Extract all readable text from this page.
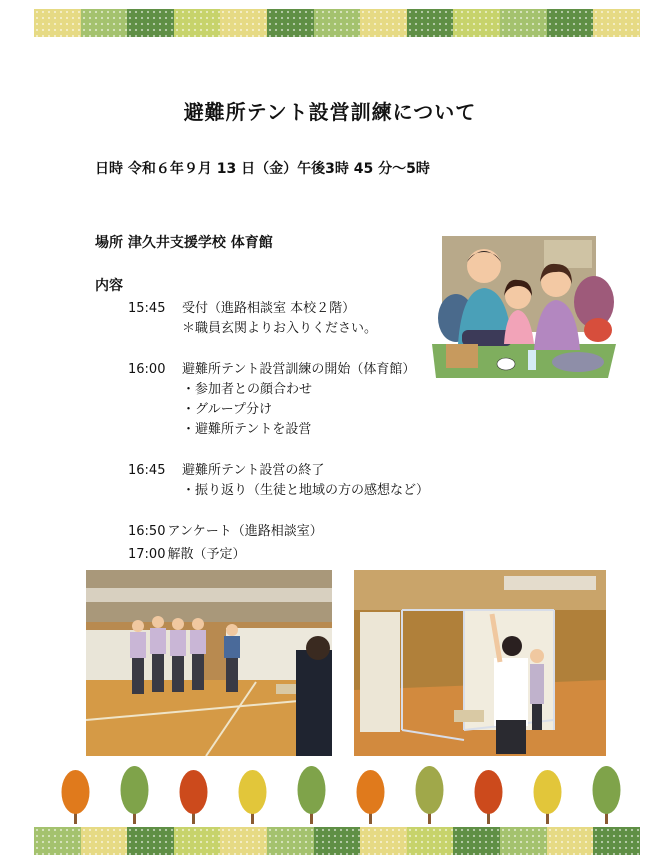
避難所テント設営訓練について
日時 令和６年９月 13 日（金）午後3時 45 分～5時
場所 津久井支援学校 体育館
内容
15:45	受付（進路相談室 本校２階）
＊職員玄関よりお入りください。
16:00	避難所テント設営訓練の開始（体育館）
・参加者との顔合わせ
・グループ分け
・避難所テントを設営
16:45	避難所テント設営の終了
・振り返り（生徒と地域の方の感想など）
16:50 アンケート（進路相談室）
17:00 解散（予定）
